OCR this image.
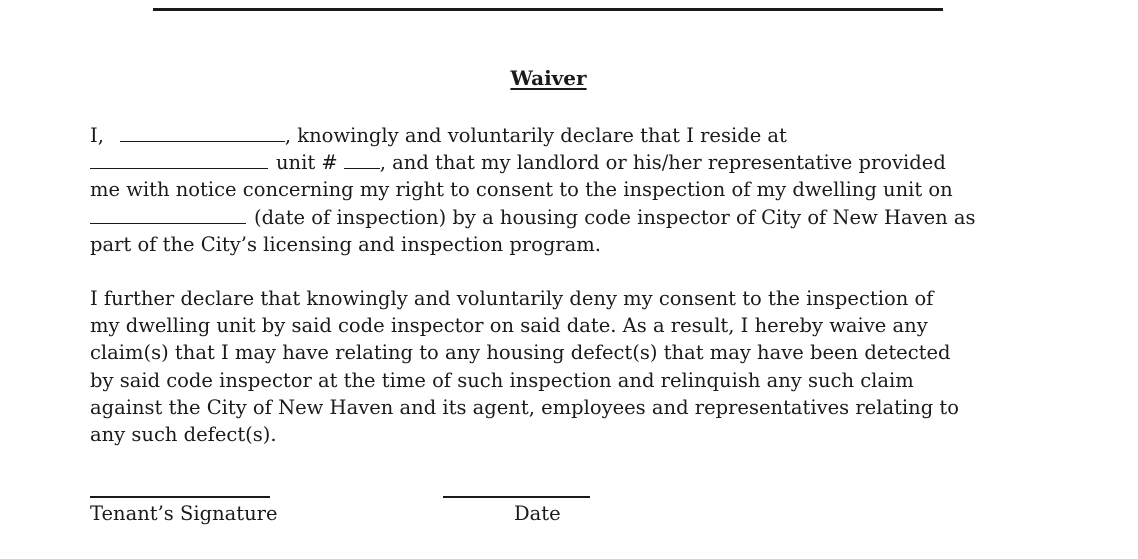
Waiver
I,	, knowingly and voluntarily declare that I reside at
unit # , and that my landlord or his/her representative provided
me with notice concerning my right to consent to the inspection of my dwelling unit on
(date of inspection) by a housing code inspector of City of New Haven as
part of the City’s licensing and inspection program.
I further declare that knowingly and voluntarily deny my consent to the inspection of
my dwelling unit by said code inspector on said date. As a result, I hereby waive any
claim(s) that I may have relating to any housing defect(s) that may have been detected
by said code inspector at the time of such inspection and relinquish any such claim
against the City of New Haven and its agent, employees and representatives relating to
any such defect(s).
Tenant’s Signature	Date
